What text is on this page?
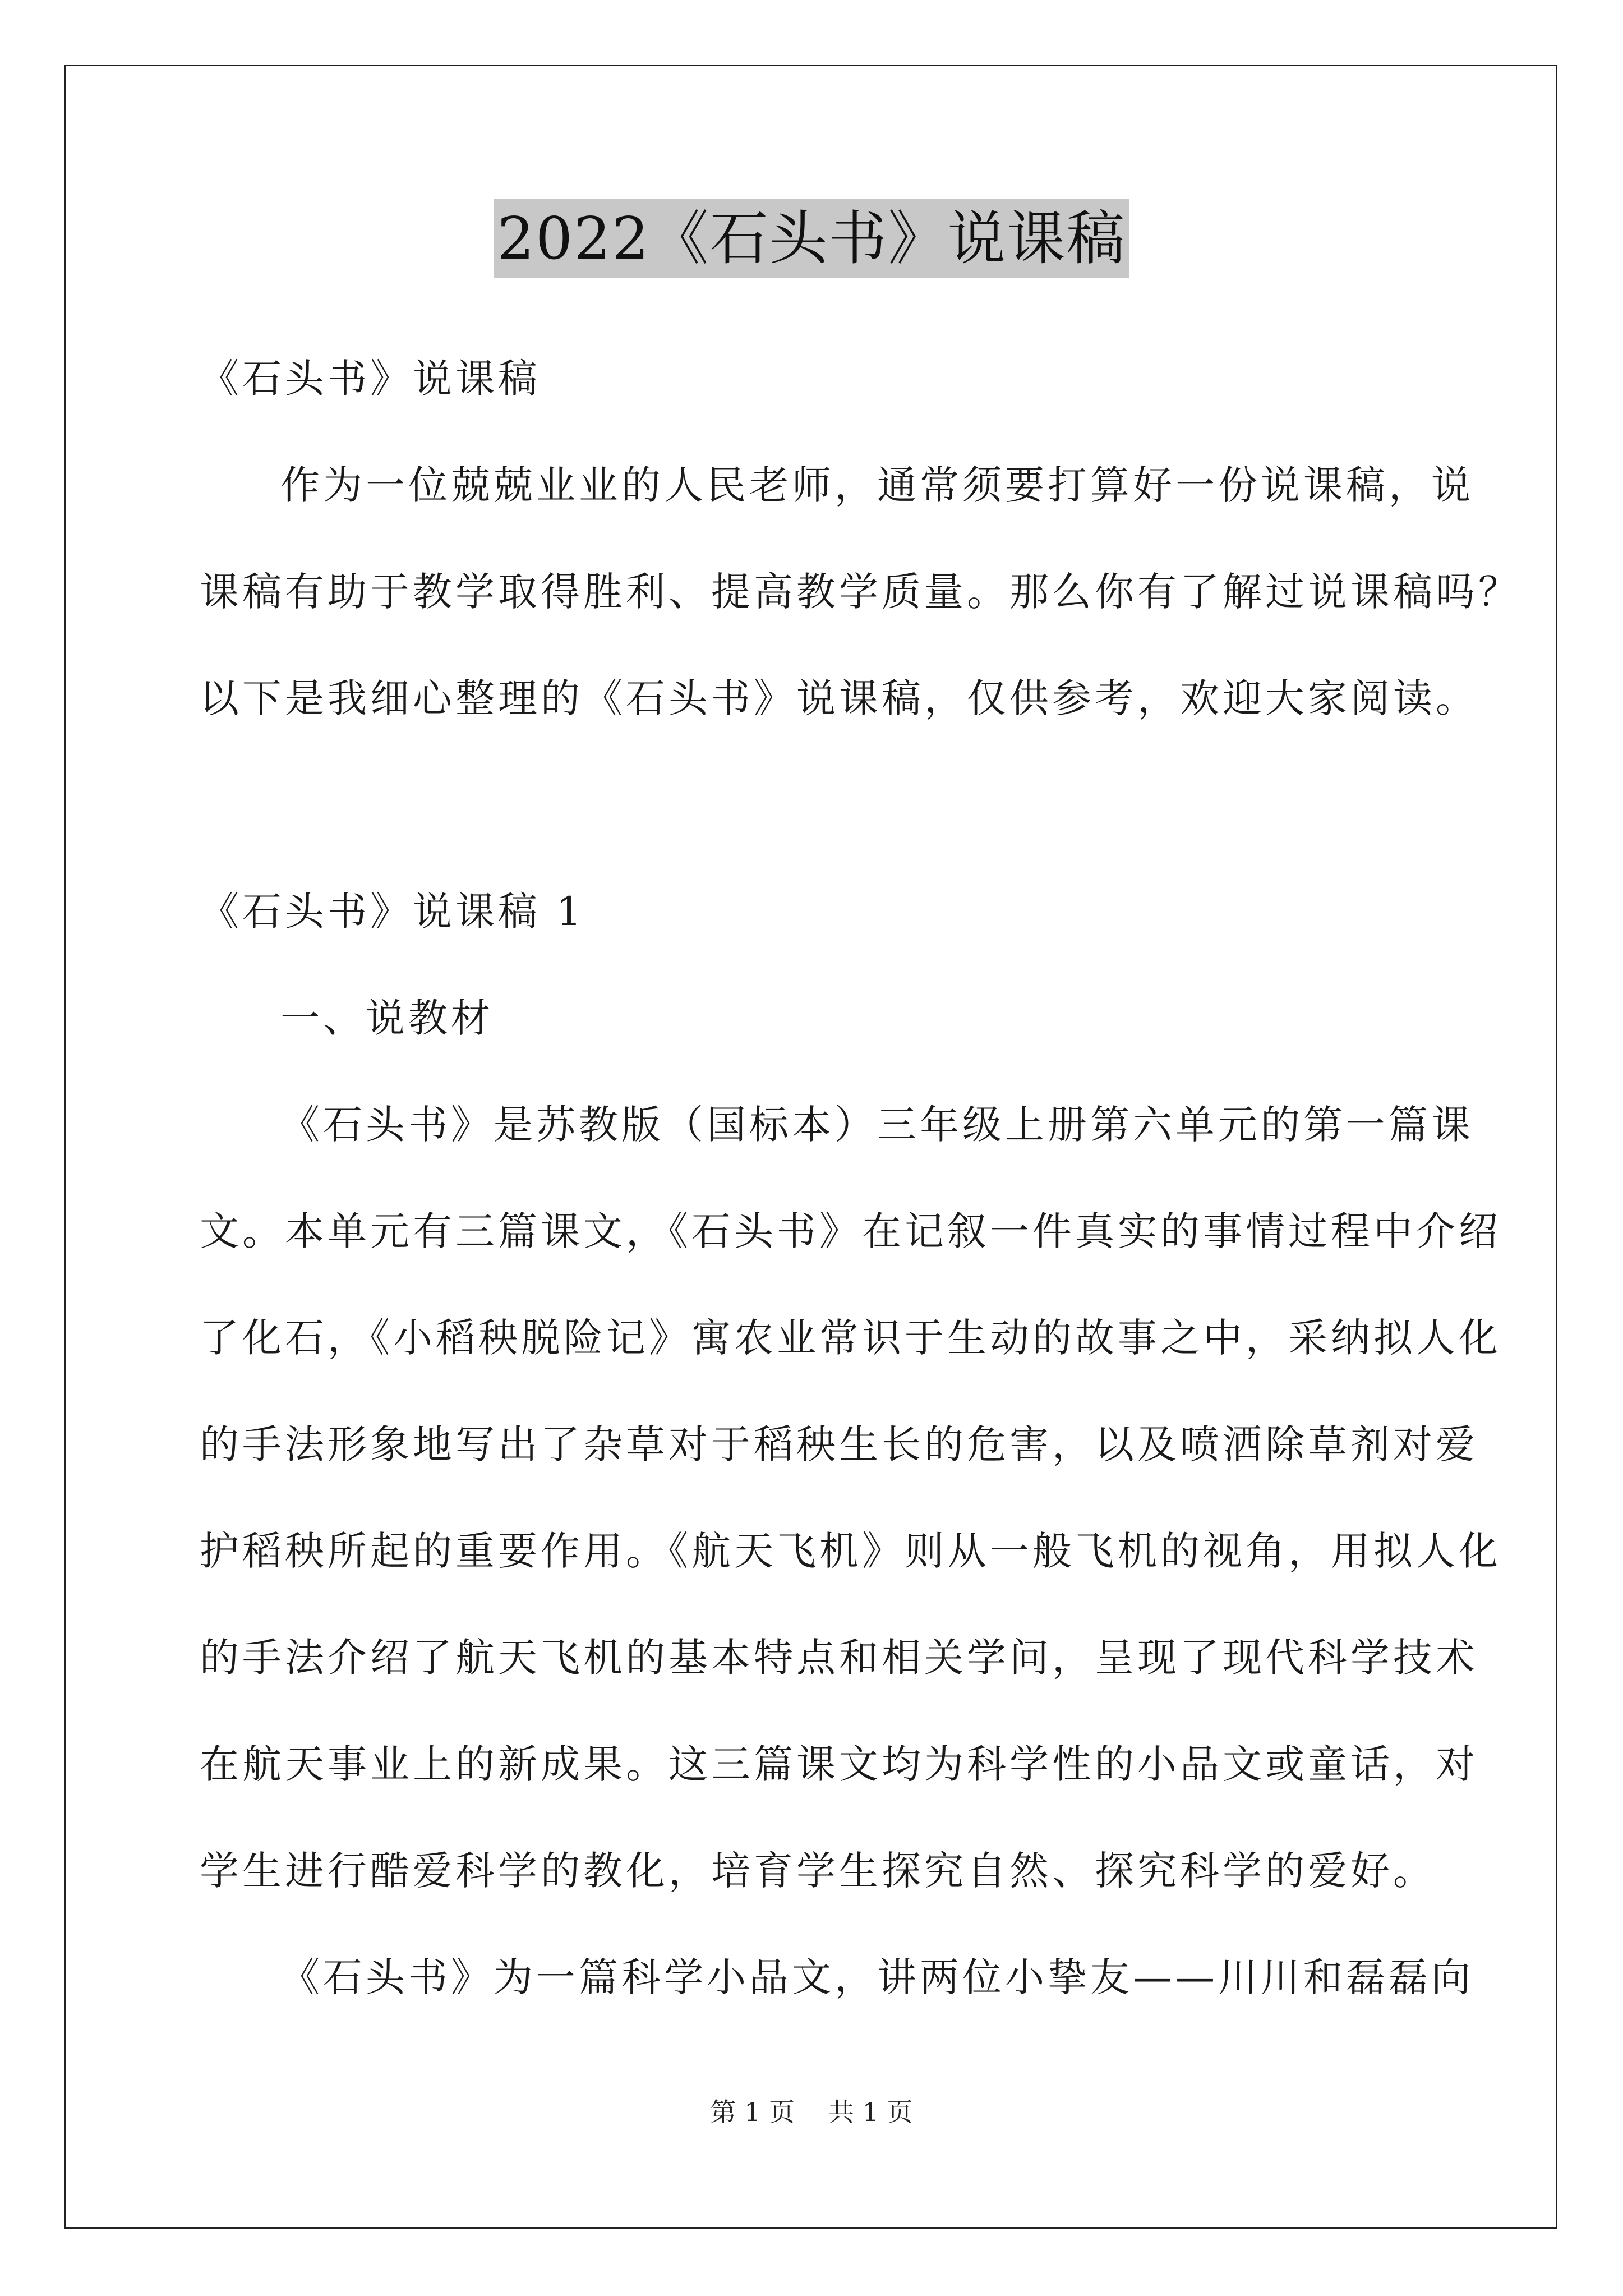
2022《石头书》说课稿

《石头书》说课稿

作为一位兢兢业业的人民老师，通常须要打算好一份说课稿，说

课稿有助于教学取得胜利、提高教学质量。那么你有了解过说课稿吗？

以下是我细心整理的《石头书》说课稿，仅供参考，欢迎大家阅读。

《石头书》说课稿 1

一、说教材

《石头书》是苏教版（国标本）三年级上册第六单元的第一篇课

文。本单元有三篇课文，《石头书》在记叙一件真实的事情过程中介绍

了化石，《小稻秧脱险记》寓农业常识于生动的故事之中，采纳拟人化

的手法形象地写出了杂草对于稻秧生长的危害，以及喷洒除草剂对爱

护稻秧所起的重要作用。《航天飞机》则从一般飞机的视角，用拟人化

的手法介绍了航天飞机的基本特点和相关学问，呈现了现代科学技术

在航天事业上的新成果。这三篇课文均为科学性的小品文或童话，对

学生进行酷爱科学的教化，培育学生探究自然、探究科学的爱好。

《石头书》为一篇科学小品文，讲两位小挚友——川川和磊磊向

第 1 页 共 1 页
